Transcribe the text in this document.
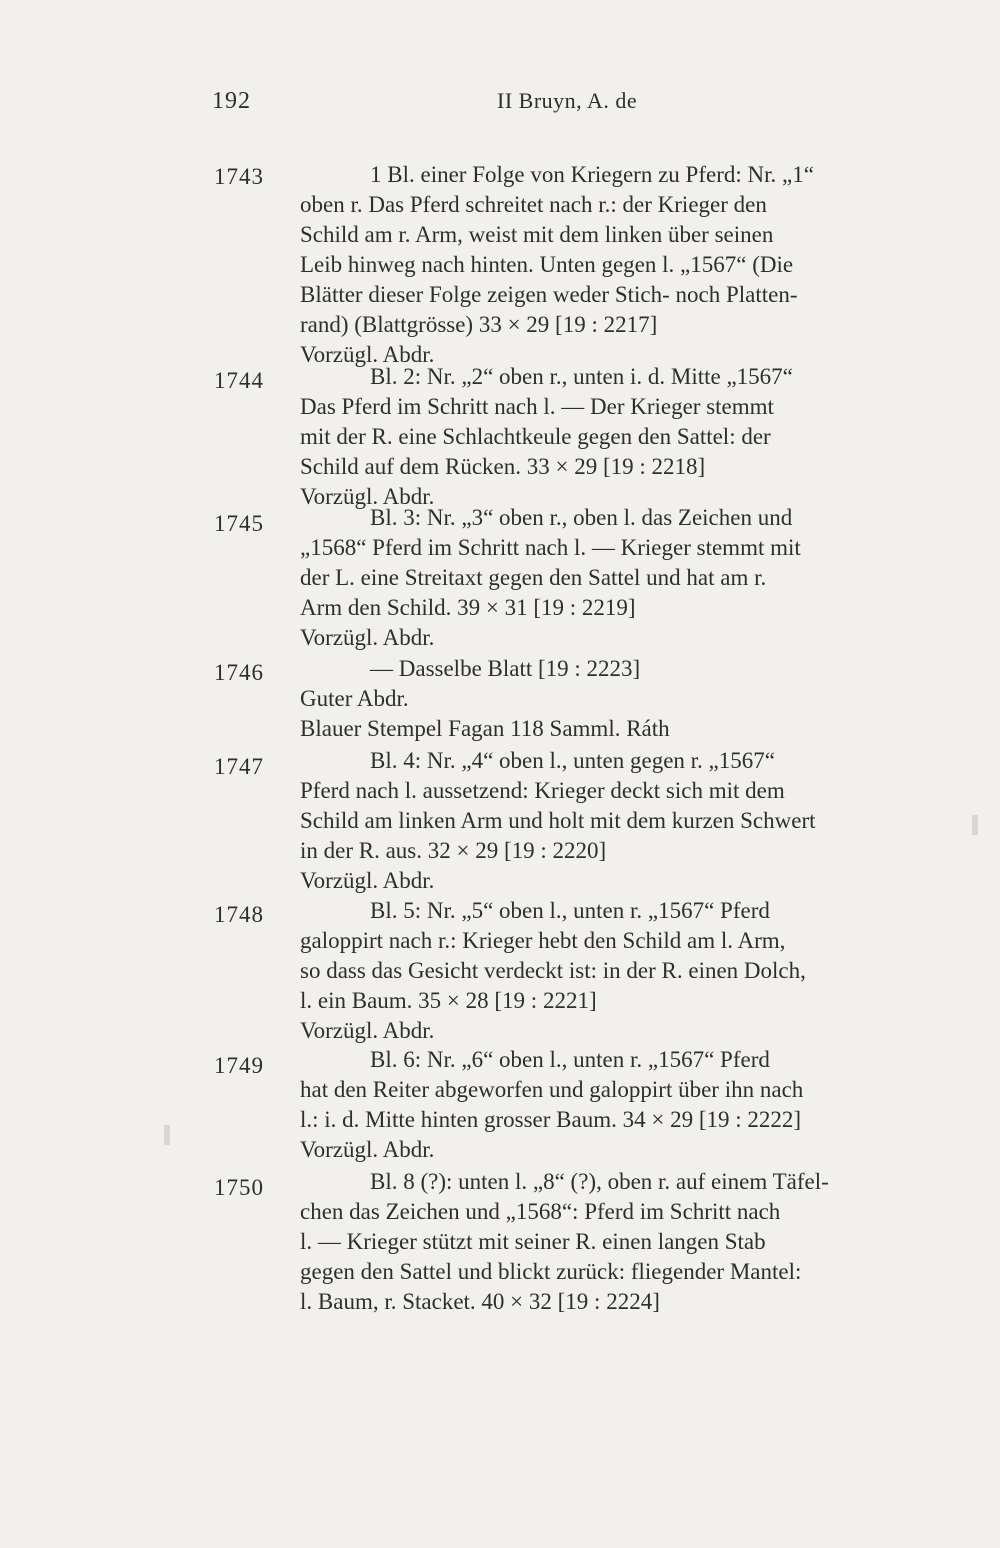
192	II Bruyn, A. de
1743	1 Bl. einer Folge von Kriegern zu Pferd: Nr. „1“
oben r. Das Pferd schreitet nach r.: der Krieger den
Schild am r. Arm, weist mit dem linken über seinen
Leib hinweg nach hinten. Unten gegen l. „1567“ (Die
Blätter dieser Folge zeigen weder Stich- noch Platten-
rand) (Blattgrösse) 33 × 29 [19 : 2217]
Vorzügl. Abdr.
1744	Bl. 2: Nr. „2“ oben r., unten i. d. Mitte „1567“
Das Pferd im Schritt nach l. — Der Krieger stemmt
mit der R. eine Schlachtkeule gegen den Sattel: der
Schild auf dem Rücken. 33 × 29 [19 : 2218]
Vorzügl. Abdr.
1745	Bl. 3: Nr. „3“ oben r., oben l. das Zeichen und
„1568“ Pferd im Schritt nach l. — Krieger stemmt mit
der L. eine Streitaxt gegen den Sattel und hat am r.
Arm den Schild. 39 × 31 [19 : 2219]
Vorzügl. Abdr.
1746	— Dasselbe Blatt [19 : 2223]
Guter Abdr.
Blauer Stempel Fagan 118 Samml. Ráth
1747	Bl. 4: Nr. „4“ oben l., unten gegen r. „1567“
Pferd nach l. aussetzend: Krieger deckt sich mit dem
Schild am linken Arm und holt mit dem kurzen Schwert
in der R. aus. 32 × 29 [19 : 2220]
Vorzügl. Abdr.
1748	Bl. 5: Nr. „5“ oben l., unten r. „1567“ Pferd
galoppirt nach r.: Krieger hebt den Schild am l. Arm,
so dass das Gesicht verdeckt ist: in der R. einen Dolch,
l. ein Baum. 35 × 28 [19 : 2221]
Vorzügl. Abdr.
1749	Bl. 6: Nr. „6“ oben l., unten r. „1567“ Pferd
hat den Reiter abgeworfen und galoppirt über ihn nach
l.: i. d. Mitte hinten grosser Baum. 34 × 29 [19 : 2222]
Vorzügl. Abdr.
1750	Bl. 8 (?): unten l. „8“ (?), oben r. auf einem Täfel-
chen das Zeichen und „1568“: Pferd im Schritt nach
l. — Krieger stützt mit seiner R. einen langen Stab
gegen den Sattel und blickt zurück: fliegender Mantel:
l. Baum, r. Stacket. 40 × 32 [19 : 2224]
